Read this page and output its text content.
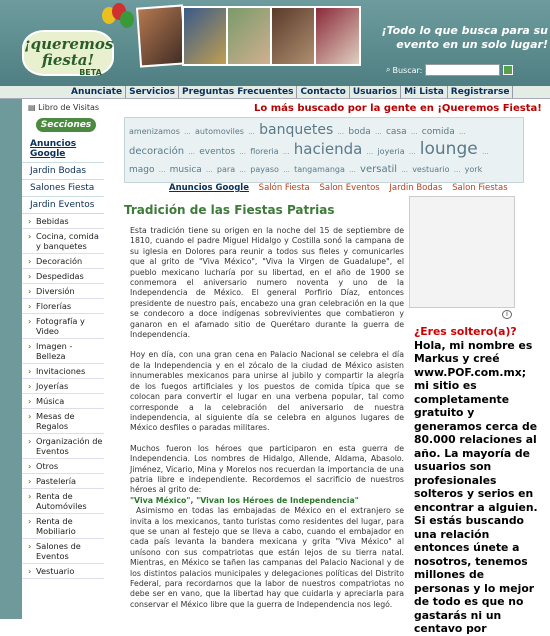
¡queremos fiesta!
BETA
¡Todo lo que busca para su evento en un solo lugar!
⌕ Buscar:
Anunciate Servicios Preguntas Frecuentes Contacto Usuarios Mi Lista Registrarse
▤ Libro de Visitas
Secciones
Anuncios Google
Jardin Bodas
Salones Fiesta
Jardin Eventos
› Bebidas
› Cocina, comida y banquetes
› Decoración
› Despedidas
› Diversión
› Florerías
› Fotografía y Video
› Imagen - Belleza
› Invitaciones
› Joyerías
› Música
› Mesas de Regalos
› Organización de Eventos
› Otros
› Pastelería
› Renta de Automóviles
› Renta de Mobiliario
› Salones de Eventos
› Vestuario
Lo más buscado por la gente en ¡Queremos Fiesta!
amenizamos ... automoviles ... banquetes ... boda ... casa ... comida ... decoración ... eventos ... floreria ... hacienda ... joyeria ... lounge ... mago ... musica ... para ... payaso ... tangamanga ... versatil ... vestuario ... york
Anuncios Google Salón Fiesta Salon Eventos Jardin Bodas Salon Fiestas
Tradición de las Fiestas Patrias
i

Esta tradición tiene su origen en la noche del 15 de septiembre de 1810, cuando el padre Miguel Hidalgo y Costilla sonó la campana de su iglesia en Dolores para reunir a todos sus fieles y comunicarles que al grito de "Viva México", "Viva la Virgen de Guadalupe", el pueblo mexicano lucharía por su libertad, en el año de 1900 se conmemora el aniversario numero noventa y uno de la Independencia de México. El general Porfirio Díaz, entonces presidente de nuestro país, encabezo una gran celebración en la que se condecoro a doce indígenas sobrevivientes que combatieron y ganaron en el afamado sitio de Querétaro durante la guerra de Independencia.

Hoy en día, con una gran cena en Palacio Nacional se celebra el día de la Independencia y en el zócalo de la ciudad de México asisten innumerables mexicanos para unirse al jubilo y compartir la alegría de los fuegos artificiales y los puestos de comida típica que se colocan para convertir el lugar en una verbena popular, tal como corresponde a la celebración del aniversario de nuestra independencia, al siguiente día se celebra en algunos lugares de México desfiles o paradas militares.

Muchos fueron los héroes que participaron en esta guerra de Independencia. Los nombres de Hidalgo, Allende, Aldama, Abasolo. Jiménez, Vicario, Mina y Morelos nos recuerdan la importancia de una patria libre e independiente. Recordemos el sacrificio de nuestros héroes al grito de:

"Viva México", "Vivan los Héroes de Independencia"

Asimismo en todas las embajadas de México en el extranjero se invita a los mexicanos, tanto turistas como residentes del lugar, para que se unan al festejo que se lleva a cabo, cuando el embajador en cada país levanta la bandera mexicana y grita "Viva México" al unísono con sus compatriotas que están lejos de su tierra natal. Mientras, en México se tañen las campanas del Palacio Nacional y de los distintos palacios municipales y delegaciones políticas del Distrito Federal, para recordarnos que la labor de nuestros compatriotas no debe ser en vano, que la libertad hay que cuidarla y apreciarla para conservar el México libre que la guerra de Independencia nos legó.

¿Eres soltero(a)?
Hola, mi nombre es Markus y creé www.POF.com.mx; mi sitio es completamente gratuito y generamos cerca de 80.000 relaciones al año. La mayoría de usuarios son profesionales solteros y serios en encontrar a alguien. Si estás buscando una relación entonces únete a nosotros, tenemos millones de personas y lo mejor de todo es que no gastarás ni un centavo por
